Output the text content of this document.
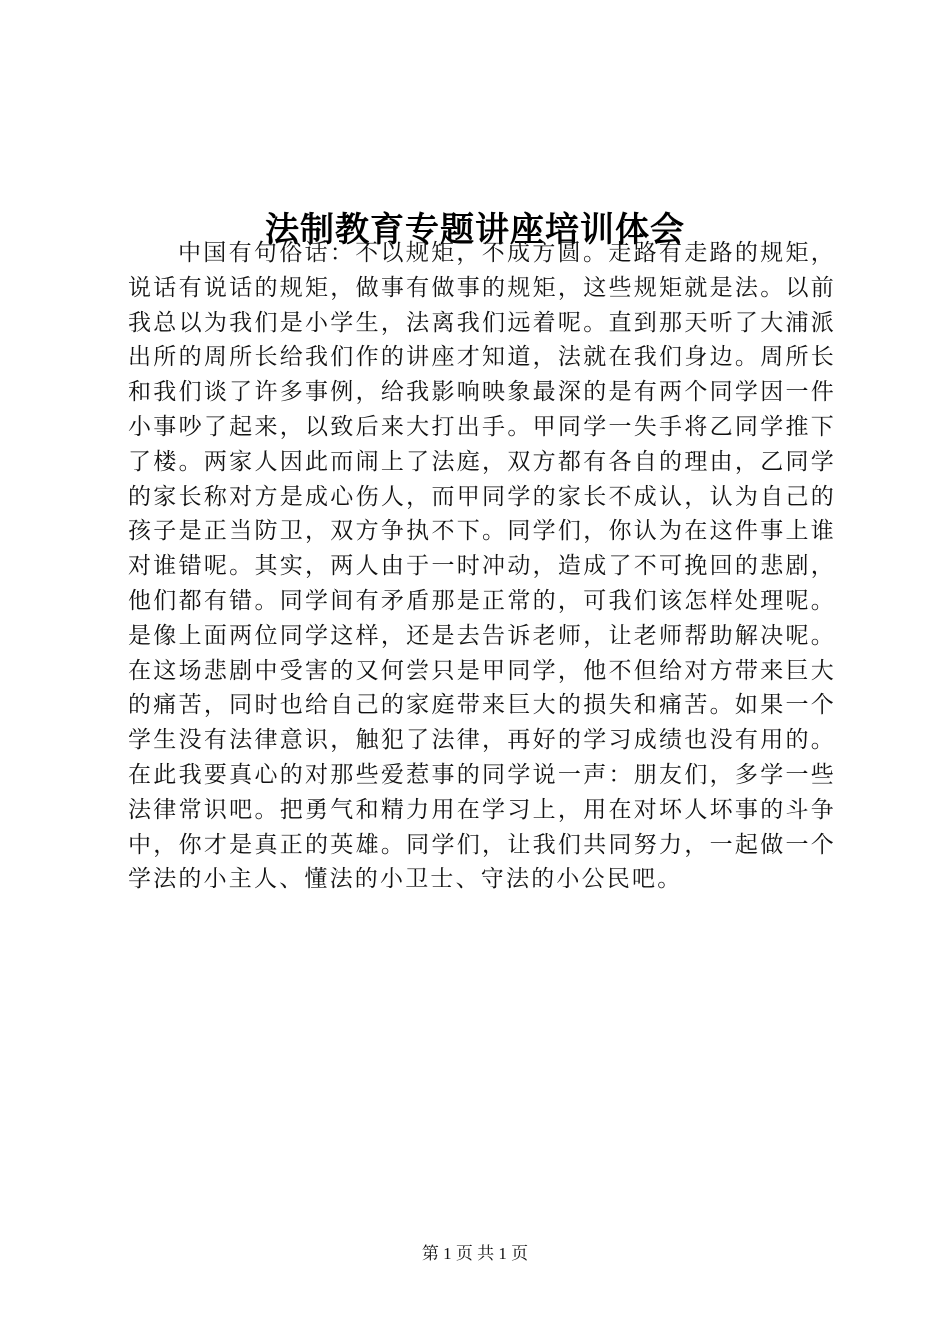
法制教育专题讲座培训体会

中国有句俗话：不以规矩，不成方圆。走路有走路的规矩，说话有说话的规矩，做事有做事的规矩，这些规矩就是法。以前我总以为我们是小学生，法离我们远着呢。直到那天听了大浦派出所的周所长给我们作的讲座才知道，法就在我们身边。周所长和我们谈了许多事例，给我影响映象最深的是有两个同学因一件小事吵了起来，以致后来大打出手。甲同学一失手将乙同学推下了楼。两家人因此而闹上了法庭，双方都有各自的理由，乙同学的家长称对方是成心伤人，而甲同学的家长不成认，认为自己的孩子是正当防卫，双方争执不下。同学们，你认为在这件事上谁对谁错呢。其实，两人由于一时冲动，造成了不可挽回的悲剧，他们都有错。同学间有矛盾那是正常的，可我们该怎样处理呢。是像上面两位同学这样，还是去告诉老师，让老师帮助解决呢。在这场悲剧中受害的又何尝只是甲同学，他不但给对方带来巨大的痛苦，同时也给自己的家庭带来巨大的损失和痛苦。如果一个学生没有法律意识，触犯了法律，再好的学习成绩也没有用的。在此我要真心的对那些爱惹事的同学说一声：朋友们，多学一些法律常识吧。把勇气和精力用在学习上，用在对坏人坏事的斗争中，你才是真正的英雄。同学们，让我们共同努力，一起做一个学法的小主人、懂法的小卫士、守法的小公民吧。

第 1 页 共 1 页
